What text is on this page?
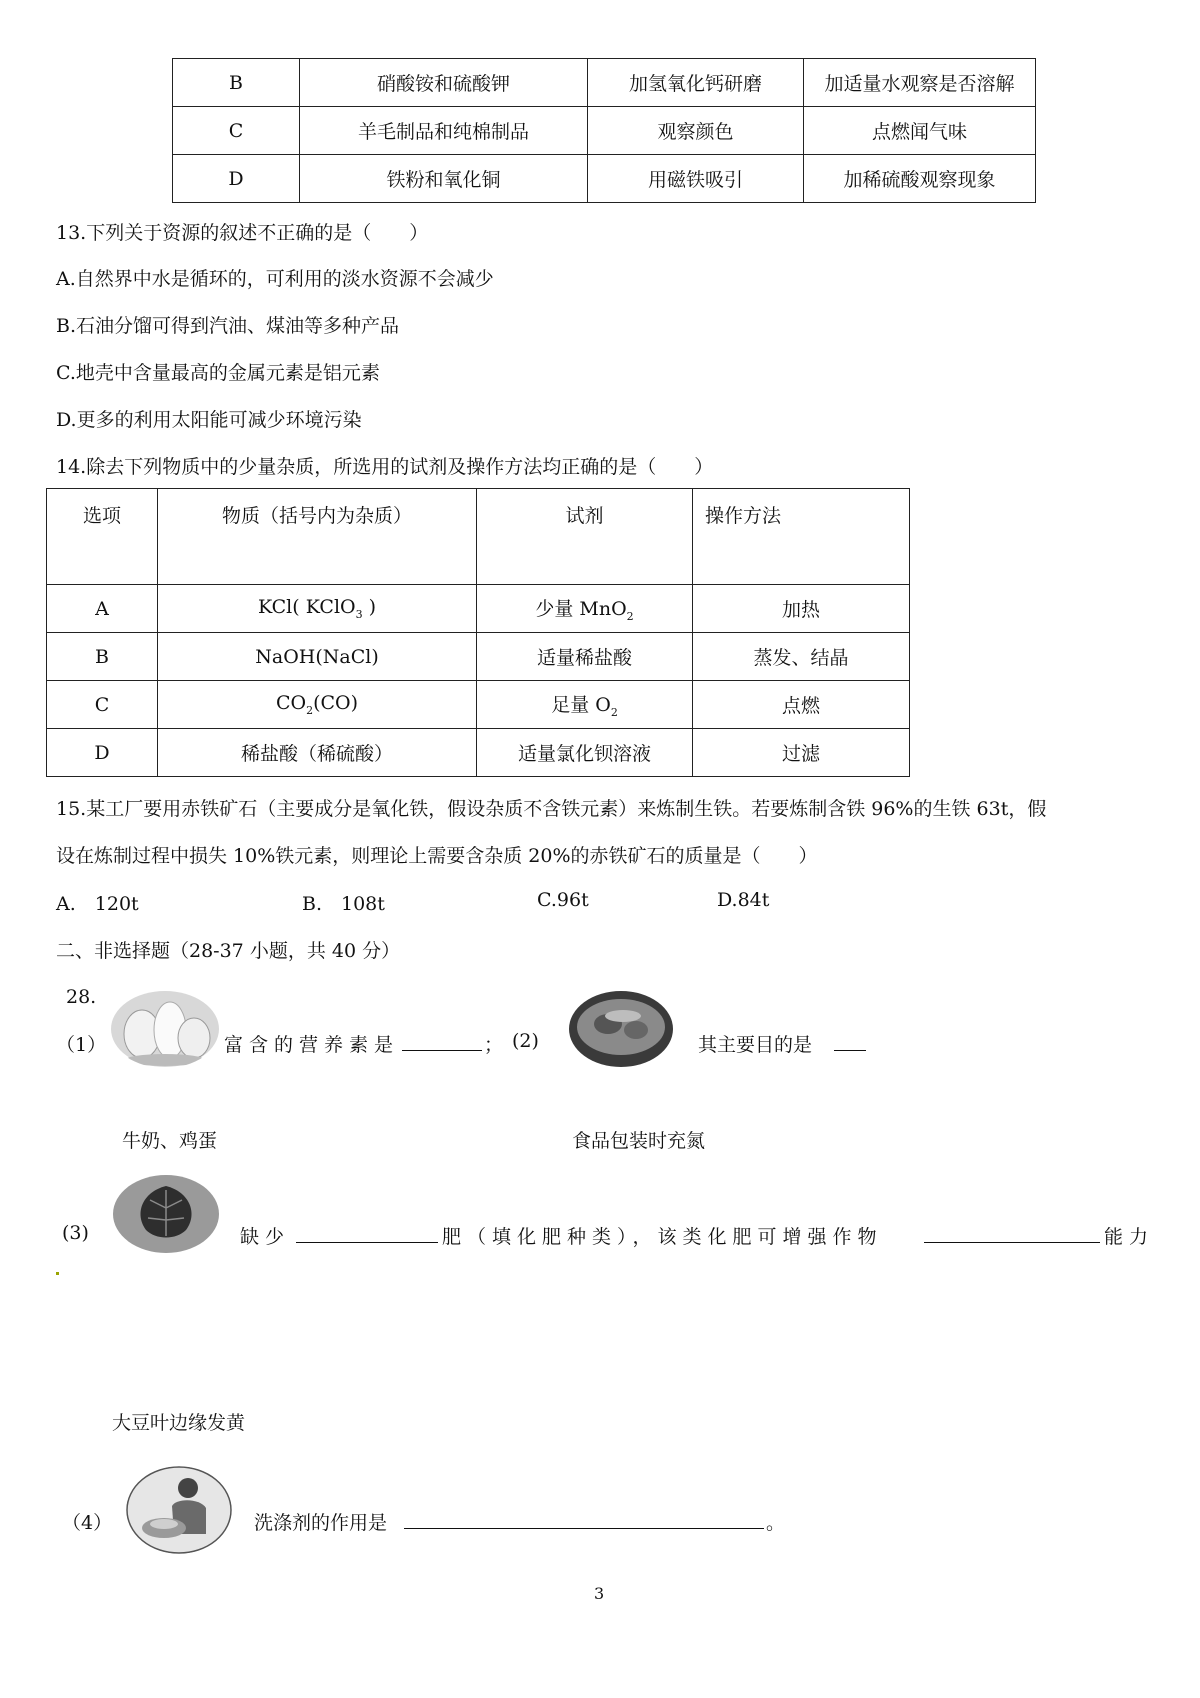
B	硝酸铵和硫酸钾	加氢氧化钙研磨	加适量水观察是否溶解
C	羊毛制品和纯棉制品	观察颜色	点燃闻气味
D	铁粉和氧化铜	用磁铁吸引	加稀硫酸观察现象
13.下列关于资源的叙述不正确的是（　　）
A.自然界中水是循环的，可利用的淡水资源不会减少
B.石油分馏可得到汽油、煤油等多种产品
C.地壳中含量最高的金属元素是铝元素
D.更多的利用太阳能可减少环境污染
14.除去下列物质中的少量杂质，所选用的试剂及操作方法均正确的是（　　）
选项	物质（括号内为杂质）	试剂	操作方法
A	KCl( KClO$_3$ )	少量 MnO$_2$	加热
B	NaOH(NaCl)	适量稀盐酸	蒸发、结晶
C	$CO_2(CO)$	足量 $O_2$	点燃
D	稀盐酸（稀硫酸）	适量氯化钡溶液	过滤
15.某工厂要用赤铁矿石（主要成分是氧化铁，假设杂质不含铁元素）来炼制生铁。若要炼制含铁 96%的生铁 63t，假
设在炼制过程中损失 10%铁元素，则理论上需要含杂质 20%的赤铁矿石的质量是（　　）
A.　120t	B.　108t	C.96t	D.84t
二、非选择题（28-37 小题，共 40 分）
28.
（1）	富含的营养素是	； (2)	其主要目的是
牛奶、鸡蛋	食品包装时充氮
(3)	缺少	肥（填化肥种类），该类化肥可增强作物	能力
大豆叶边缘发黄
（4）	洗涤剂的作用是	。
3
